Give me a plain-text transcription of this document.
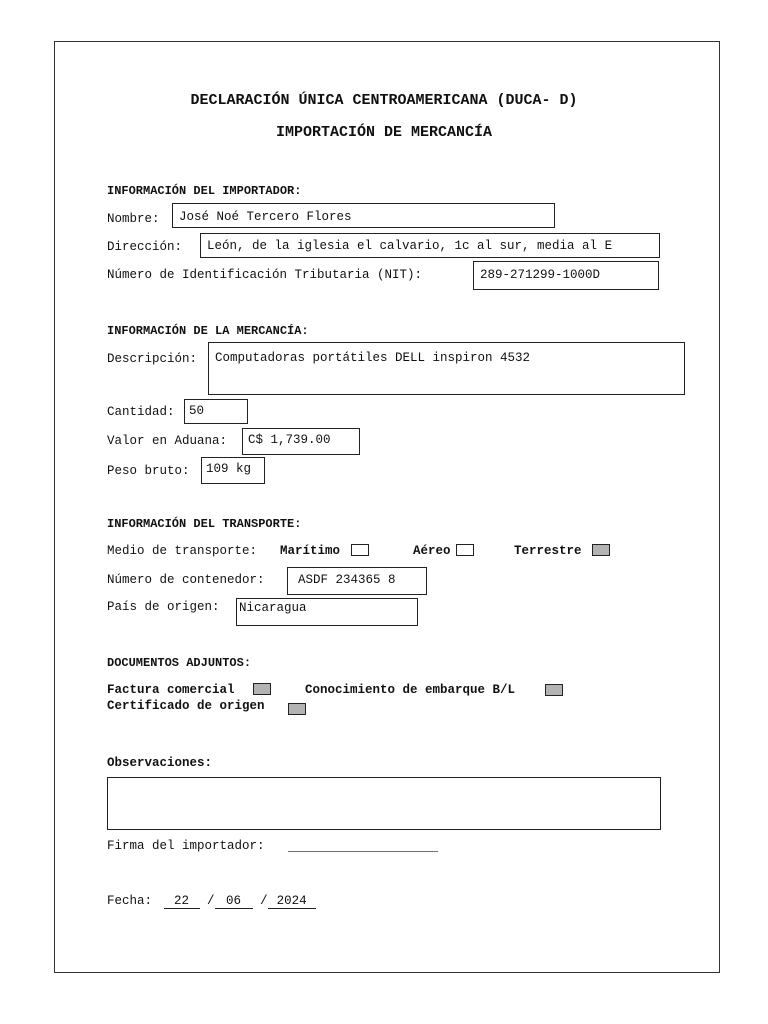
DECLARACIÓN ÚNICA CENTROAMERICANA (DUCA- D)
IMPORTACIÓN DE MERCANCÍA
INFORMACIÓN DEL IMPORTADOR:
Nombre:	José Noé Tercero Flores
Dirección:	León, de la iglesia el calvario, 1c al sur, media al E
Número de Identificación Tributaria (NIT):	289-271299-1000D
INFORMACIÓN DE LA MERCANCÍA:
Descripción:	Computadoras portátiles DELL inspiron 4532
Cantidad:	50
Valor en Aduana:	C$ 1,739.00
Peso bruto:	109 kg
INFORMACIÓN DEL TRANSPORTE:
Medio de transporte: Marítimo	Aéreo	Terrestre
Número de contenedor:	ASDF 234365 8
País de origen: Nicaragua
DOCUMENTOS ADJUNTOS:
Factura comercial	Conocimiento de embarque B/L
Certificado de origen
Observaciones:
Firma del importador: ____________________
Fecha: 22 / 06 / 2024
